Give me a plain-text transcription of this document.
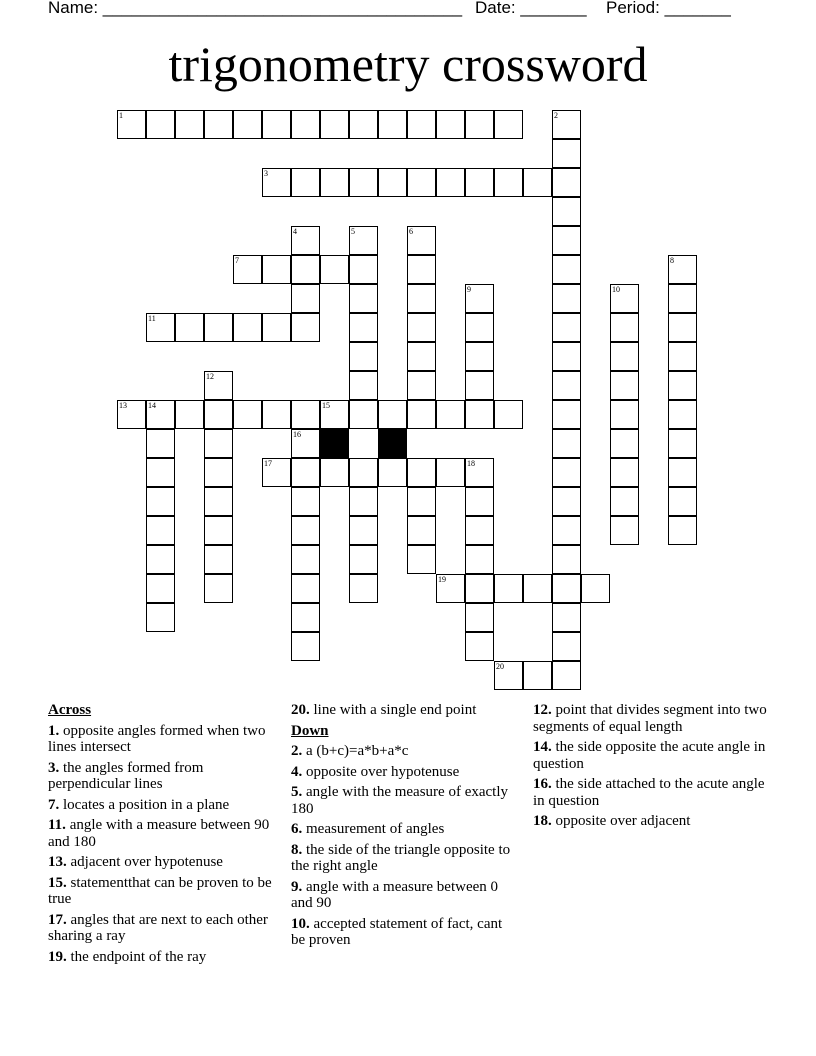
Name: ______________________________________ Date: _______ Period: _______
trigonometry crossword
1	2
3
4	5	6
7	8
9	10
11
12
13	14	15
16
17	18
19
20
Across
1. opposite angles formed when two lines intersect
3. the angles formed from perpendicular lines
7. locates a position in a plane
11. angle with a measure between 90 and 180
13. adjacent over hypotenuse
15. statementthat can be proven to be true
17. angles that are next to each other sharing a ray
19. the endpoint of the ray
20. line with a single end point
Down
2. a (b+c)=a*b+a*c
4. opposite over hypotenuse
5. angle with the measure of exactly 180
6. measurement of angles
8. the side of the triangle opposite to the right angle
9. angle with a measure between 0 and 90
10. accepted statement of fact, cant be proven
12. point that divides segment into two segments of equal length
14. the side opposite the acute angle in question
16. the side attached to the acute angle in question
18. opposite over adjacent
